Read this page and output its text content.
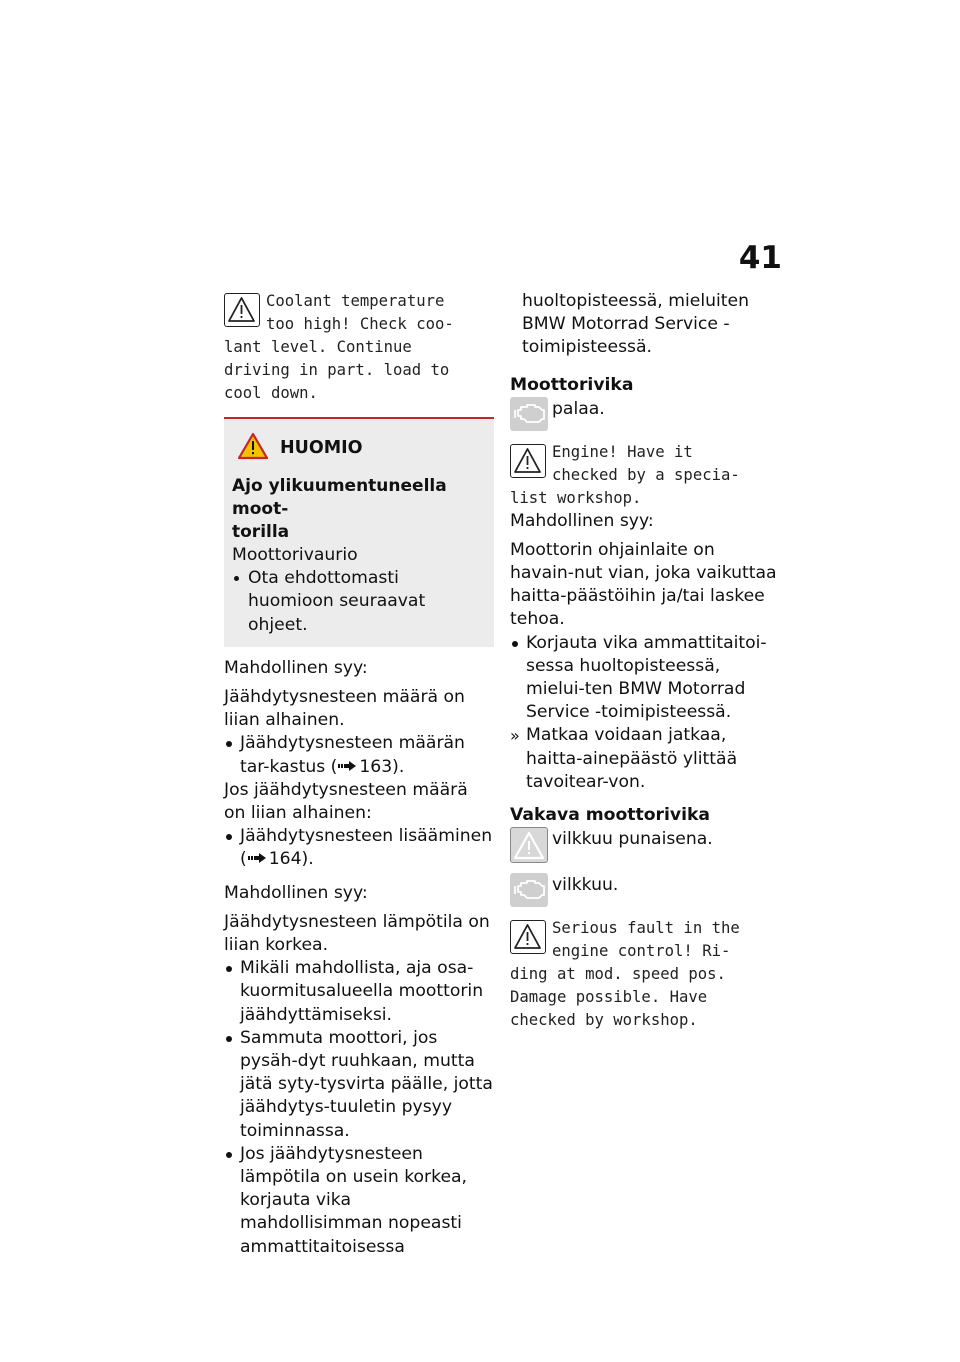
41

Coolant temperature
too high! Check coo-
lant level. Continue
driving in part. load to
cool down.

HUOMIO

Ajo ylikuumentuneella moot-
torilla

Moottorivaurio

Ota ehdottomasti huomioon seuraavat ohjeet.

Mahdollinen syy:

Jäähdytysnesteen määrä on liian alhainen.

Jäähdytysnesteen määrän tar-kastus ( 163).

Jos jäähdytysnesteen määrä on liian alhainen:

Jäähdytysnesteen lisääminen ( 164).

Mahdollinen syy:

Jäähdytysnesteen lämpötila on liian korkea.

Mikäli mahdollista, aja osa-kuormitusalueella moottorin jäähdyttämiseksi.
Sammuta moottori, jos pysäh-dyt ruuhkaan, mutta jätä syty-tysvirta päälle, jotta jäähdytys-tuuletin pysyy toiminnassa.
Jos jäähdytysnesteen lämpötila on usein korkea, korjauta vika mahdollisimman nopeasti ammattitaitoisessa

huoltopisteessä, mieluiten BMW Motorrad Service -toimipisteessä.

Moottorivika

palaa.

Engine! Have it
checked by a specia-
list workshop.

Mahdollinen syy:

Moottorin ohjainlaite on havain-nut vian, joka vaikuttaa haitta-päästöihin ja/tai laskee tehoa.

Korjauta vika ammattitaitoi-sessa huoltopisteessä, mielui-ten BMW Motorrad Service -toimipisteessä.
» Matkaa voidaan jatkaa, haitta-ainepäästö ylittää tavoitear-von.

Vakava moottorivika

vilkkuu punaisena.

vilkkuu.

Serious fault in the
engine control! Ri-
ding at mod. speed pos.
Damage possible. Have
checked by workshop.
